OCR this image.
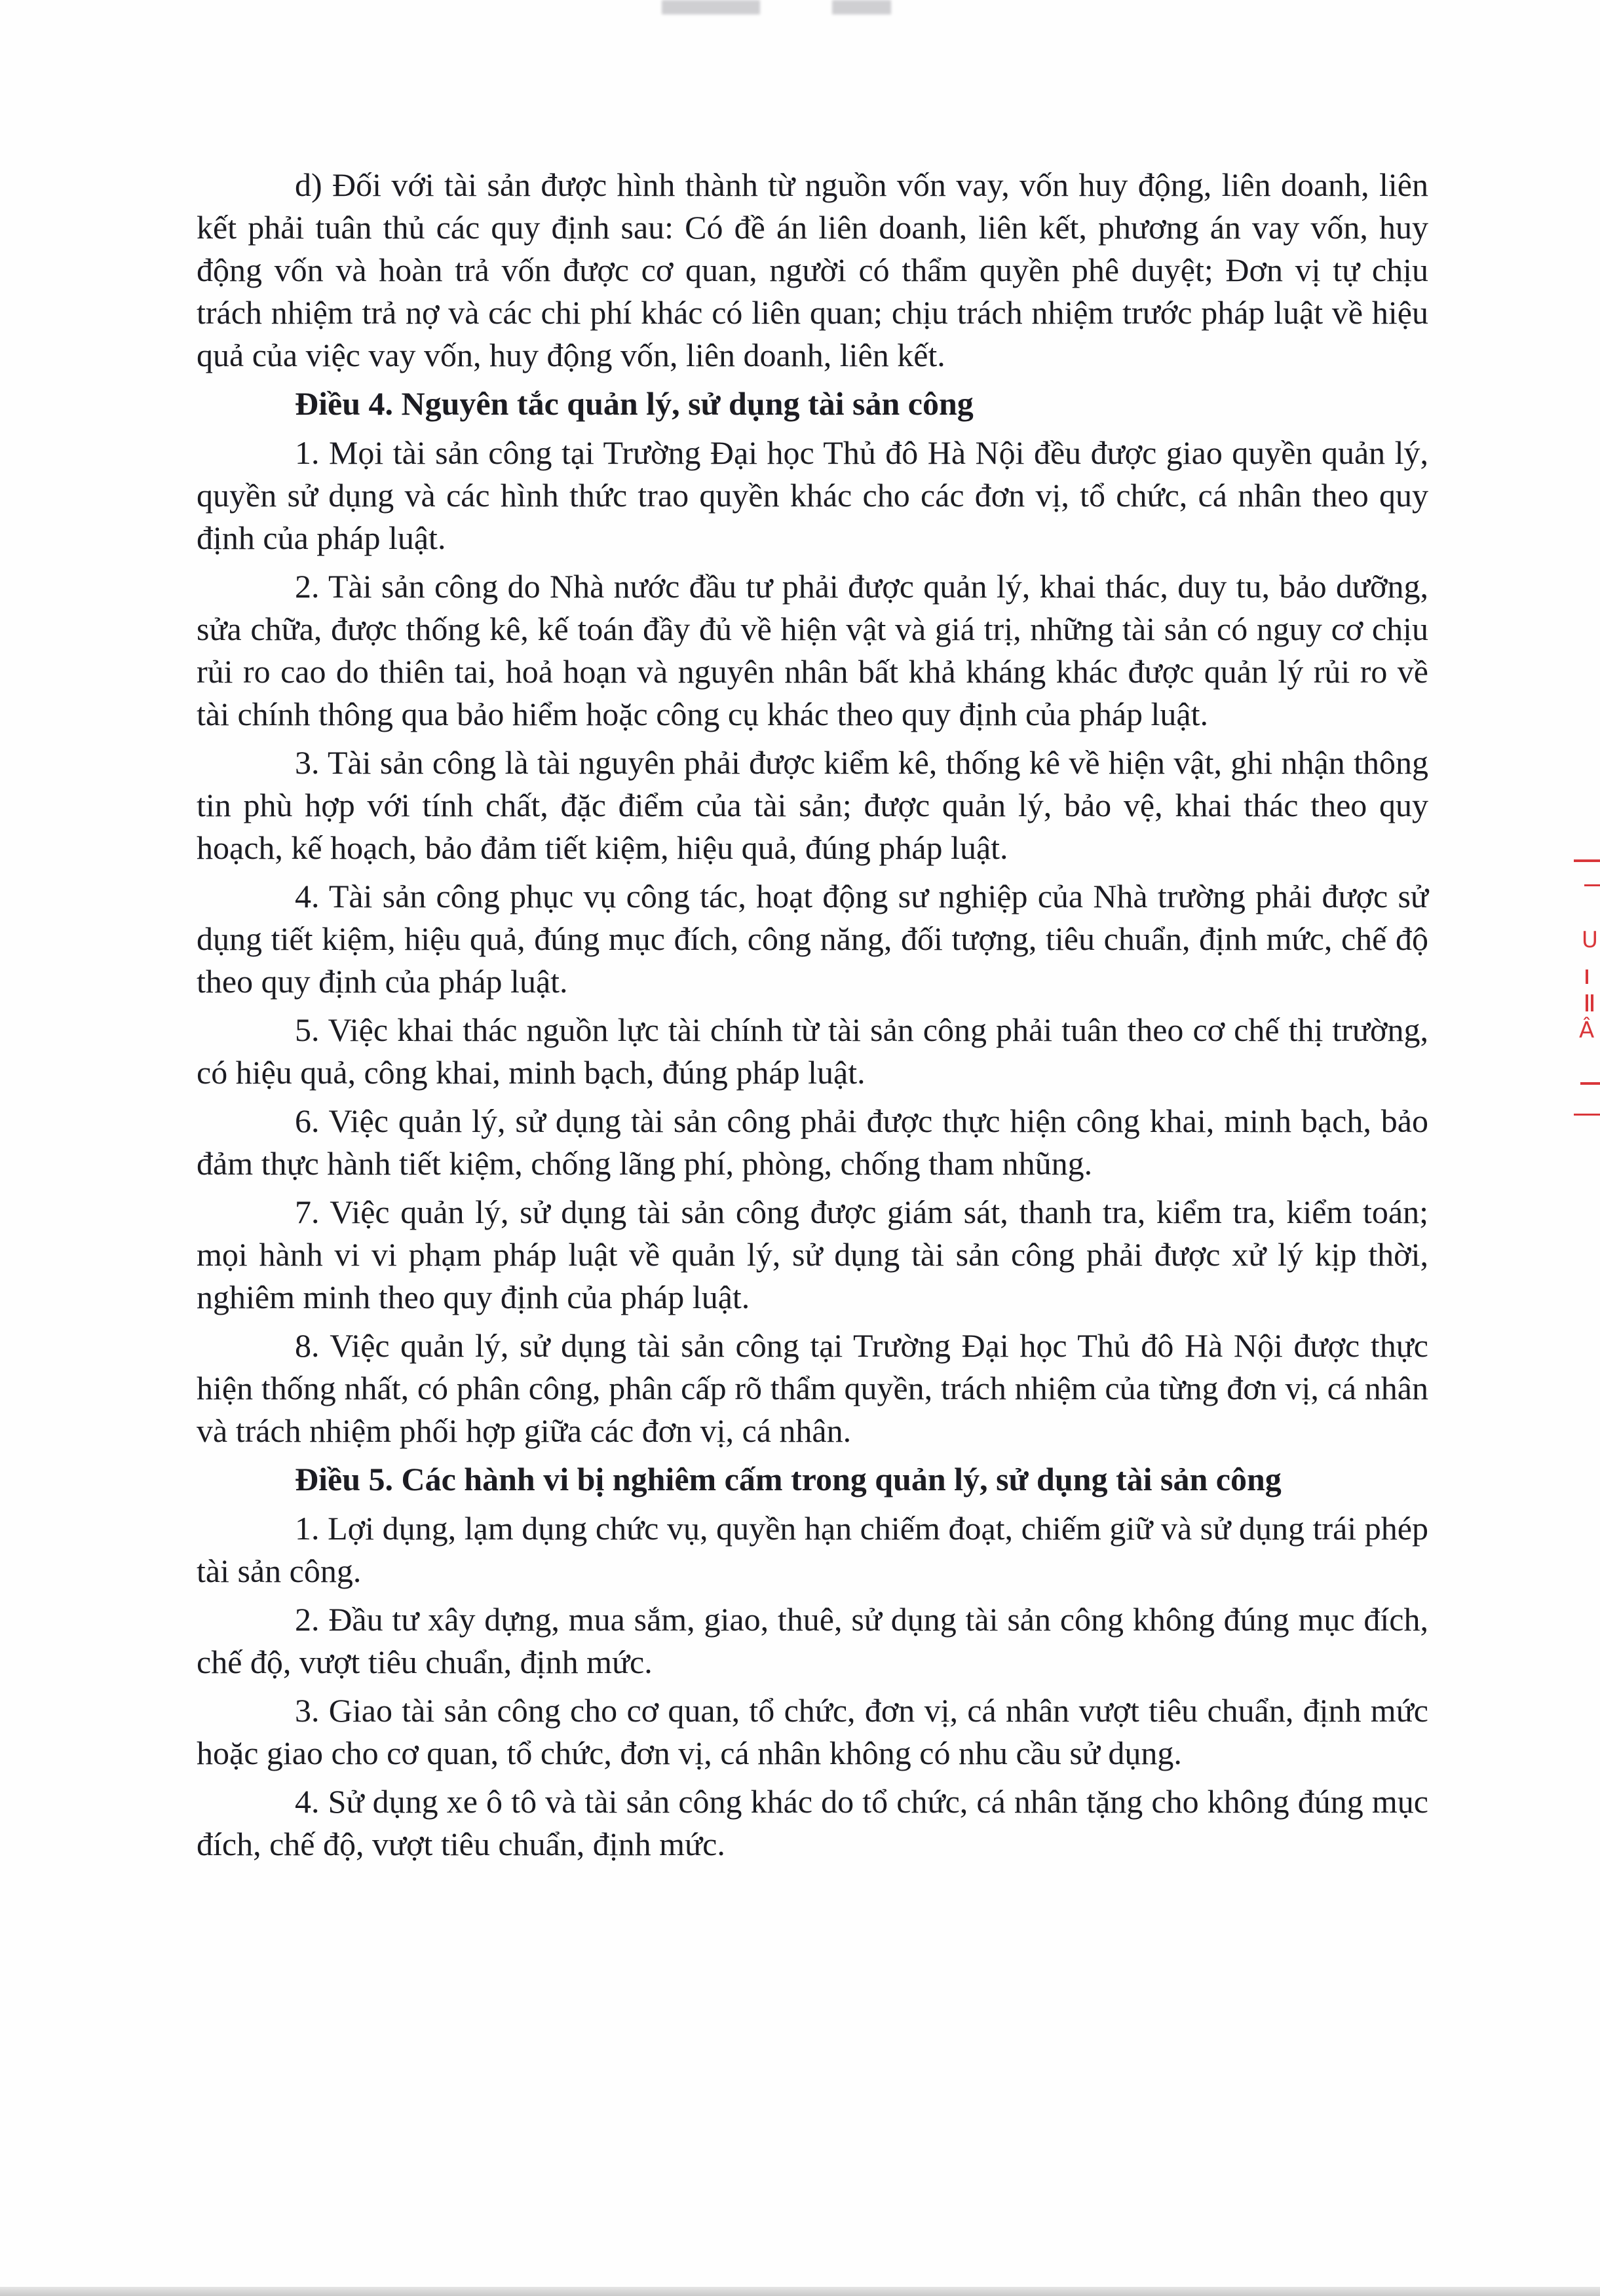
d) Đối với tài sản được hình thành từ nguồn vốn vay, vốn huy động, liên doanh, liên kết phải tuân thủ các quy định sau: Có đề án liên doanh, liên kết, phương án vay vốn, huy động vốn và hoàn trả vốn được cơ quan, người có thẩm quyền phê duyệt; Đơn vị tự chịu trách nhiệm trả nợ và các chi phí khác có liên quan; chịu trách nhiệm trước pháp luật về hiệu quả của việc vay vốn, huy động vốn, liên doanh, liên kết.

Điều 4. Nguyên tắc quản lý, sử dụng tài sản công

1. Mọi tài sản công tại Trường Đại học Thủ đô Hà Nội đều được giao quyền quản lý, quyền sử dụng và các hình thức trao quyền khác cho các đơn vị, tổ chức, cá nhân theo quy định của pháp luật.

2. Tài sản công do Nhà nước đầu tư phải được quản lý, khai thác, duy tu, bảo dưỡng, sửa chữa, được thống kê, kế toán đầy đủ về hiện vật và giá trị, những tài sản có nguy cơ chịu rủi ro cao do thiên tai, hoả hoạn và nguyên nhân bất khả kháng khác được quản lý rủi ro về tài chính thông qua bảo hiểm hoặc công cụ khác theo quy định của pháp luật.

3. Tài sản công là tài nguyên phải được kiểm kê, thống kê về hiện vật, ghi nhận thông tin phù hợp với tính chất, đặc điểm của tài sản; được quản lý, bảo vệ, khai thác theo quy hoạch, kế hoạch, bảo đảm tiết kiệm, hiệu quả, đúng pháp luật.

4. Tài sản công phục vụ công tác, hoạt động sư nghiệp của Nhà trường phải được sử dụng tiết kiệm, hiệu quả, đúng mục đích, công năng, đối tượng, tiêu chuẩn, định mức, chế độ theo quy định của pháp luật.

5. Việc khai thác nguồn lực tài chính từ tài sản công phải tuân theo cơ chế thị trường, có hiệu quả, công khai, minh bạch, đúng pháp luật.

6. Việc quản lý, sử dụng tài sản công phải được thực hiện công khai, minh bạch, bảo đảm thực hành tiết kiệm, chống lãng phí, phòng, chống tham nhũng.

7. Việc quản lý, sử dụng tài sản công được giám sát, thanh tra, kiểm tra, kiểm toán; mọi hành vi vi phạm pháp luật về quản lý, sử dụng tài sản công phải được xử lý kịp thời, nghiêm minh theo quy định của pháp luật.

8. Việc quản lý, sử dụng tài sản công tại Trường Đại học Thủ đô Hà Nội được thực hiện thống nhất, có phân công, phân cấp rõ thẩm quyền, trách nhiệm của từng đơn vị, cá nhân và trách nhiệm phối hợp giữa các đơn vị, cá nhân.

Điều 5. Các hành vi bị nghiêm cấm trong quản lý, sử dụng tài sản công

1. Lợi dụng, lạm dụng chức vụ, quyền hạn chiếm đoạt, chiếm giữ và sử dụng trái phép tài sản công.

2. Đầu tư xây dựng, mua sắm, giao, thuê, sử dụng tài sản công không đúng mục đích, chế độ, vượt tiêu chuẩn, định mức.

3. Giao tài sản công cho cơ quan, tổ chức, đơn vị, cá nhân vượt tiêu chuẩn, định mức hoặc giao cho cơ quan, tổ chức, đơn vị, cá nhân không có nhu cầu sử dụng.

4. Sử dụng xe ô tô và tài sản công khác do tổ chức, cá nhân tặng cho không đúng mục đích, chế độ, vượt tiêu chuẩn, định mức.

U
Â
